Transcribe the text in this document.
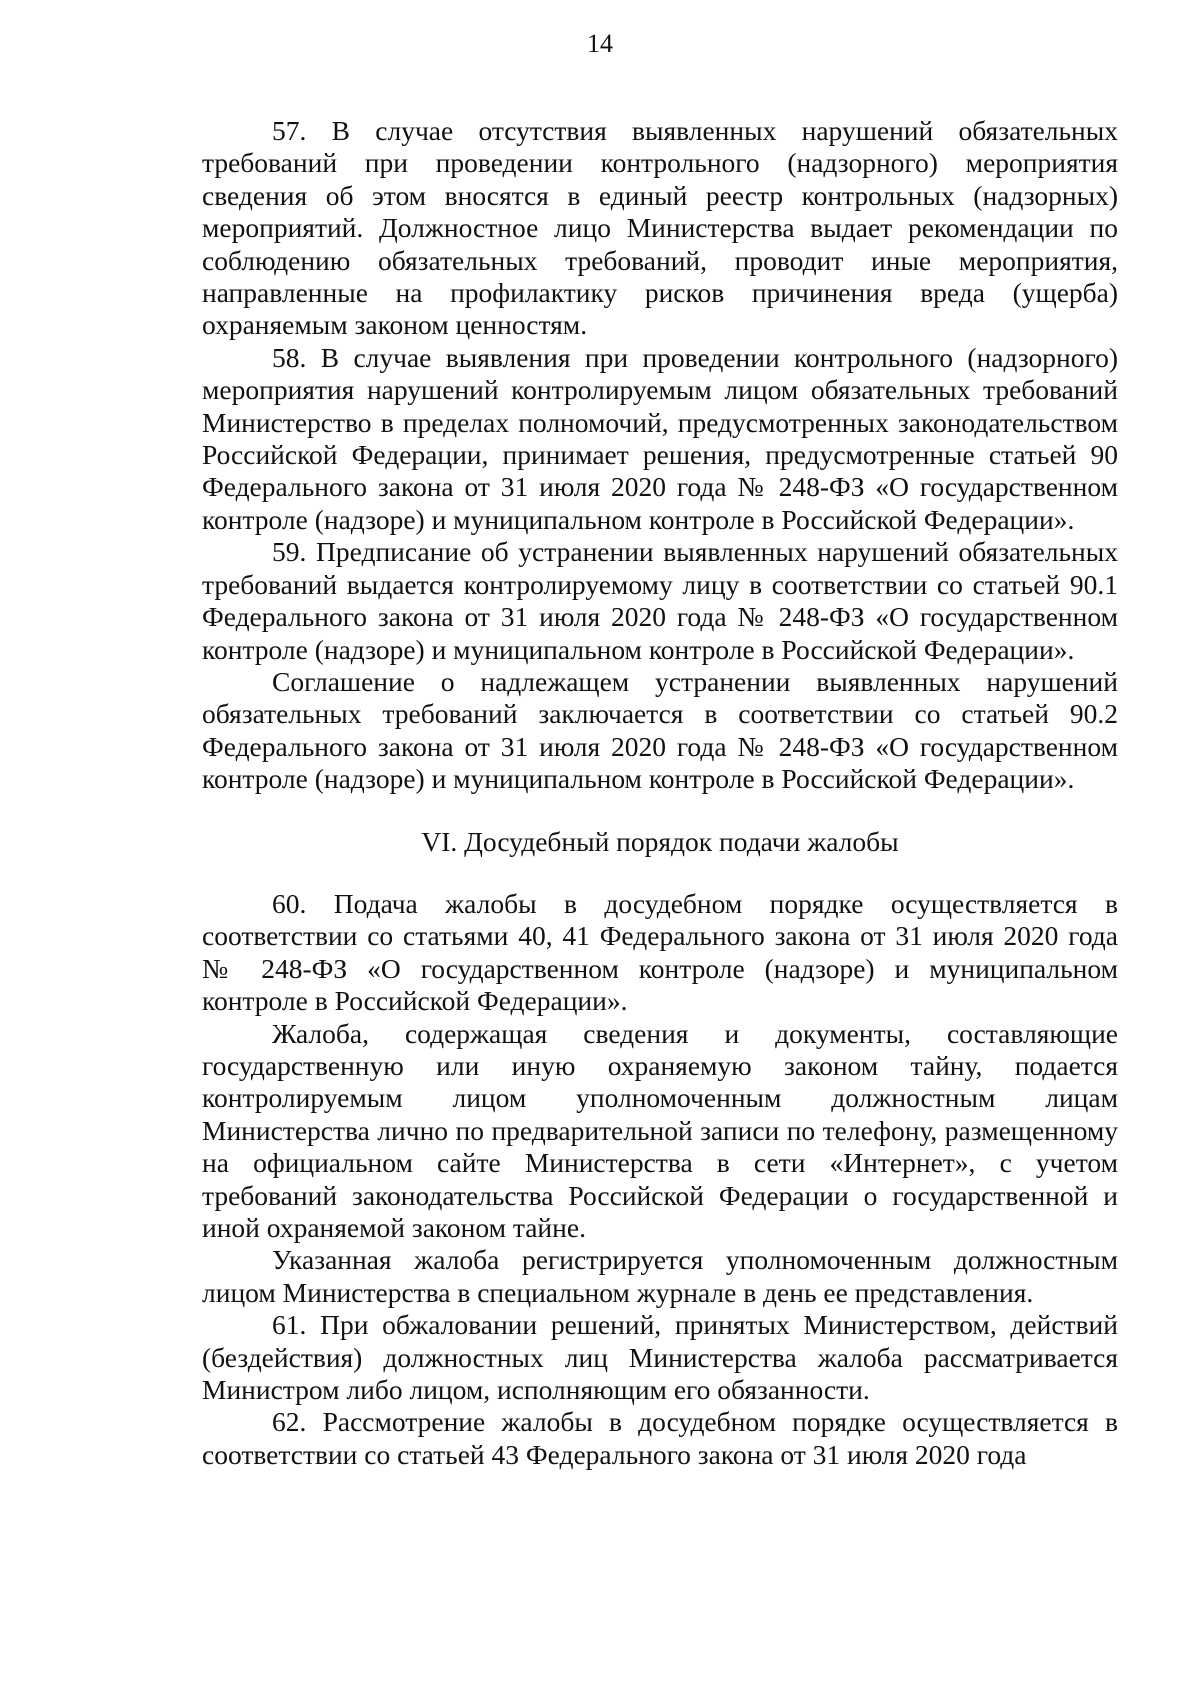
14

57. В случае отсутствия выявленных нарушений обязательных требований при проведении контрольного (надзорного) мероприятия сведения об этом вносятся в единый реестр контрольных (надзорных) мероприятий. Должностное лицо Министерства выдает рекомендации по соблюдению обязательных требований, проводит иные мероприятия, направленные на профилактику рисков причинения вреда (ущерба) охраняемым законом ценностям.

58. В случае выявления при проведении контрольного (надзорного) мероприятия нарушений контролируемым лицом обязательных требований Министерство в пределах полномочий, предусмотренных законодательством Российской Федерации, принимает решения, предусмотренные статьей 90 Федерального закона от 31 июля 2020 года № 248-ФЗ «О государственном контроле (надзоре) и муниципальном контроле в Российской Федерации».

59. Предписание об устранении выявленных нарушений обязательных требований выдается контролируемому лицу в соответствии со статьей 90.1 Федерального закона от 31 июля 2020 года № 248-ФЗ «О государственном контроле (надзоре) и муниципальном контроле в Российской Федерации».

Соглашение о надлежащем устранении выявленных нарушений обязательных требований заключается в соответствии со статьей 90.2 Федерального закона от 31 июля 2020 года № 248-ФЗ «О государственном контроле (надзоре) и муниципальном контроле в Российской Федерации».

VI. Досудебный порядок подачи жалобы

60. Подача жалобы в досудебном порядке осуществляется в соответствии со статьями 40, 41 Федерального закона от 31 июля 2020 года № 248-ФЗ «О государственном контроле (надзоре) и муниципальном контроле в Российской Федерации».

Жалоба, содержащая сведения и документы, составляющие государственную или иную охраняемую законом тайну, подается контролируемым лицом уполномоченным должностным лицам Министерства лично по предварительной записи по телефону, размещенному на официальном сайте Министерства в сети «Интернет», с учетом требований законодательства Российской Федерации о государственной и иной охраняемой законом тайне.

Указанная жалоба регистрируется уполномоченным должностным лицом Министерства в специальном журнале в день ее представления.

61. При обжаловании решений, принятых Министерством, действий (бездействия) должностных лиц Министерства жалоба рассматривается Министром либо лицом, исполняющим его обязанности.

62. Рассмотрение жалобы в досудебном порядке осуществляется в соответствии со статьей 43 Федерального закона от 31 июля 2020 года
